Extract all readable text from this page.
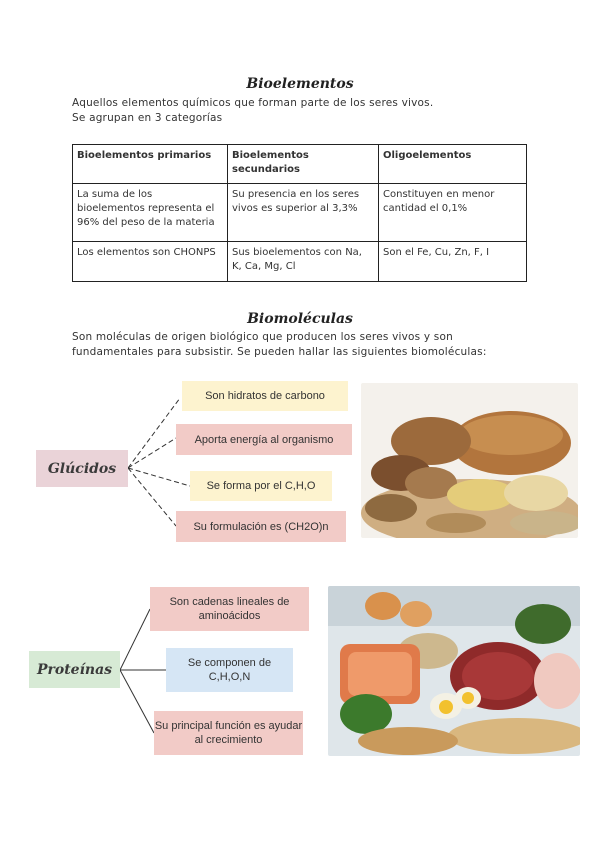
Bioelementos
Aquellos elementos químicos que forman parte de los seres vivos.
Se agrupan en 3 categorías
Bioelementos primarios	Bioelementos secundarios	Oligoelementos
La suma de los bioelementos representa el 96% del peso de la materia	Su presencia en los seres vivos es superior al 3,3%	Constituyen en menor cantidad el 0,1%
Los elementos son CHONPS	Sus bioelementos con Na, K, Ca, Mg, Cl	Son el Fe, Cu, Zn, F, I
Biomoléculas
Son moléculas de origen biológico que producen los seres vivos y son
fundamentales para subsistir. Se pueden hallar las siguientes biomoléculas:
Glúcidos
Son hidratos de carbono
Aporta energía al organismo
Se forma por el C,H,O
Su formulación es (CH2O)n
Proteínas
Son cadenas lineales de aminoácidos
Se componen de C,H,O,N
Su principal función es ayudar al crecimiento
